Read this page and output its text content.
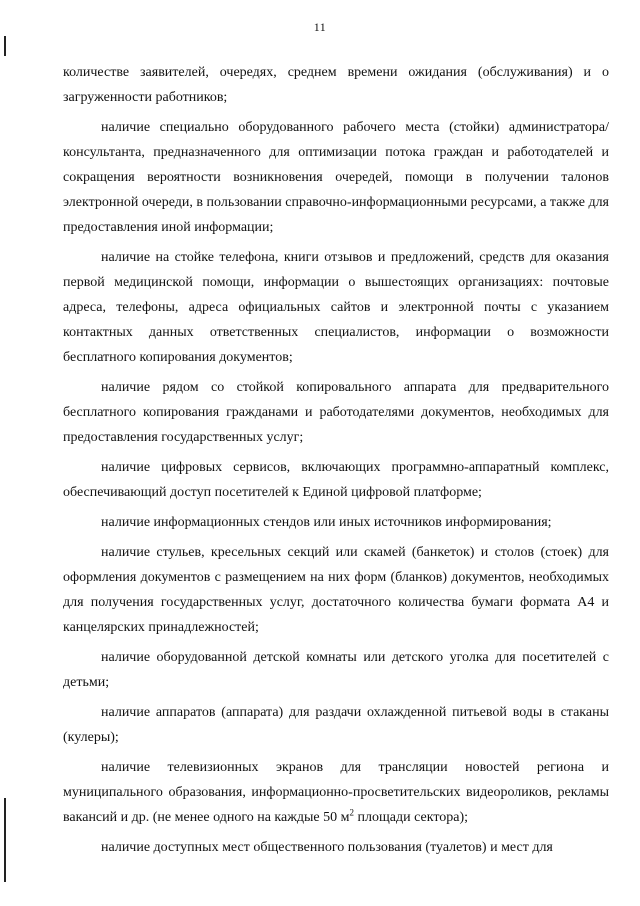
11

количестве заявителей, очередях, среднем времени ожидания (обслуживания) и о загруженности работников;

наличие специально оборудованного рабочего места (стойки) администратора/консультанта, предназначенного для оптимизации потока граждан и работодателей и сокращения вероятности возникновения очередей, помощи в получении талонов электронной очереди, в пользовании справочно-информационными ресурсами, а также для предоставления иной информации;

наличие на стойке телефона, книги отзывов и предложений, средств для оказания первой медицинской помощи, информации о вышестоящих организациях: почтовые адреса, телефоны, адреса официальных сайтов и электронной почты с указанием контактных данных ответственных специалистов, информации о возможности бесплатного копирования документов;

наличие рядом со стойкой копировального аппарата для предварительного бесплатного копирования гражданами и работодателями документов, необходимых для предоставления государственных услуг;

наличие цифровых сервисов, включающих программно-аппаратный комплекс, обеспечивающий доступ посетителей к Единой цифровой платформе;

наличие информационных стендов или иных источников информирования;

наличие стульев, кресельных секций или скамей (банкеток) и столов (стоек) для оформления документов с размещением на них форм (бланков) документов, необходимых для получения государственных услуг, достаточного количества бумаги формата А4 и канцелярских принадлежностей;

наличие оборудованной детской комнаты или детского уголка для посетителей с детьми;

наличие аппаратов (аппарата) для раздачи охлажденной питьевой воды в стаканы (кулеры);

наличие телевизионных экранов для трансляции новостей региона и муниципального образования, информационно-просветительских видеороликов, рекламы вакансий и др. (не менее одного на каждые 50 $м^2$ площади сектора);

наличие доступных мест общественного пользования (туалетов) и мест для
